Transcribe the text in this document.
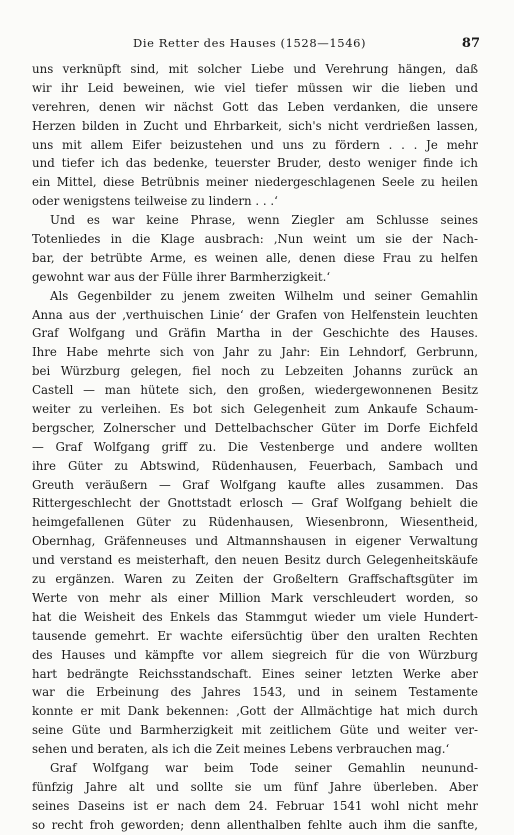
Die Retter des Hauses (1528—1546)	87
uns verknüpft sind, mit solcher Liebe und Verehrung hängen, daß
wir ihr Leid beweinen, wie viel tiefer müssen wir die lieben und
verehren, denen wir nächst Gott das Leben verdanken, die unsere
Herzen bilden in Zucht und Ehrbarkeit, sich's nicht verdrießen lassen,
uns mit allem Eifer beizustehen und uns zu fördern . . . Je mehr
und tiefer ich das bedenke, teuerster Bruder, desto weniger finde ich
ein Mittel, diese Betrübnis meiner niedergeschlagenen Seele zu heilen
oder wenigstens teilweise zu lindern . . .‘
Und es war keine Phrase, wenn Ziegler am Schlusse seines
Totenliedes in die Klage ausbrach: ‚Nun weint um sie der Nach-
bar, der betrübte Arme, es weinen alle, denen diese Frau zu helfen
gewohnt war aus der Fülle ihrer Barmherzigkeit.‘
Als Gegenbilder zu jenem zweiten Wilhelm und seiner Gemahlin
Anna aus der ‚verthuischen Linie‘ der Grafen von Helfenstein leuchten
Graf Wolfgang und Gräfin Martha in der Geschichte des Hauses.
Ihre Habe mehrte sich von Jahr zu Jahr: Ein Lehndorf, Gerbrunn,
bei Würzburg gelegen, fiel noch zu Lebzeiten Johanns zurück an
Castell — man hütete sich, den großen, wiedergewonnenen Besitz
weiter zu verleihen. Es bot sich Gelegenheit zum Ankaufe Schaum-
bergscher, Zolnerscher und Dettelbachscher Güter im Dorfe Eichfeld
— Graf Wolfgang griff zu. Die Vestenberge und andere wollten
ihre Güter zu Abtswind, Rüdenhausen, Feuerbach, Sambach und
Greuth veräußern — Graf Wolfgang kaufte alles zusammen. Das
Rittergeschlecht der Gnottstadt erlosch — Graf Wolfgang behielt die
heimgefallenen Güter zu Rüdenhausen, Wiesenbronn, Wiesentheid,
Obernhag, Gräfenneuses und Altmannshausen in eigener Verwaltung
und verstand es meisterhaft, den neuen Besitz durch Gelegenheitskäufe
zu ergänzen. Waren zu Zeiten der Großeltern Graffschaftsgüter im
Werte von mehr als einer Million Mark verschleudert worden, so
hat die Weisheit des Enkels das Stammgut wieder um viele Hundert-
tausende gemehrt. Er wachte eifersüchtig über den uralten Rechten
des Hauses und kämpfte vor allem siegreich für die von Würzburg
hart bedrängte Reichsstandschaft. Eines seiner letzten Werke aber
war die Erbeinung des Jahres 1543, und in seinem Testamente
konnte er mit Dank bekennen: ‚Gott der Allmächtige hat mich durch
seine Güte und Barmherzigkeit mit zeitlichem Güte und weiter ver-
sehen und beraten, als ich die Zeit meines Lebens verbrauchen mag.‘
Graf Wolfgang war beim Tode seiner Gemahlin neunund-
fünfzig Jahre alt und sollte sie um fünf Jahre überleben. Aber
seines Daseins ist er nach dem 24. Februar 1541 wohl nicht mehr
so recht froh geworden; denn allenthalben fehlte auch ihm die sanfte,
